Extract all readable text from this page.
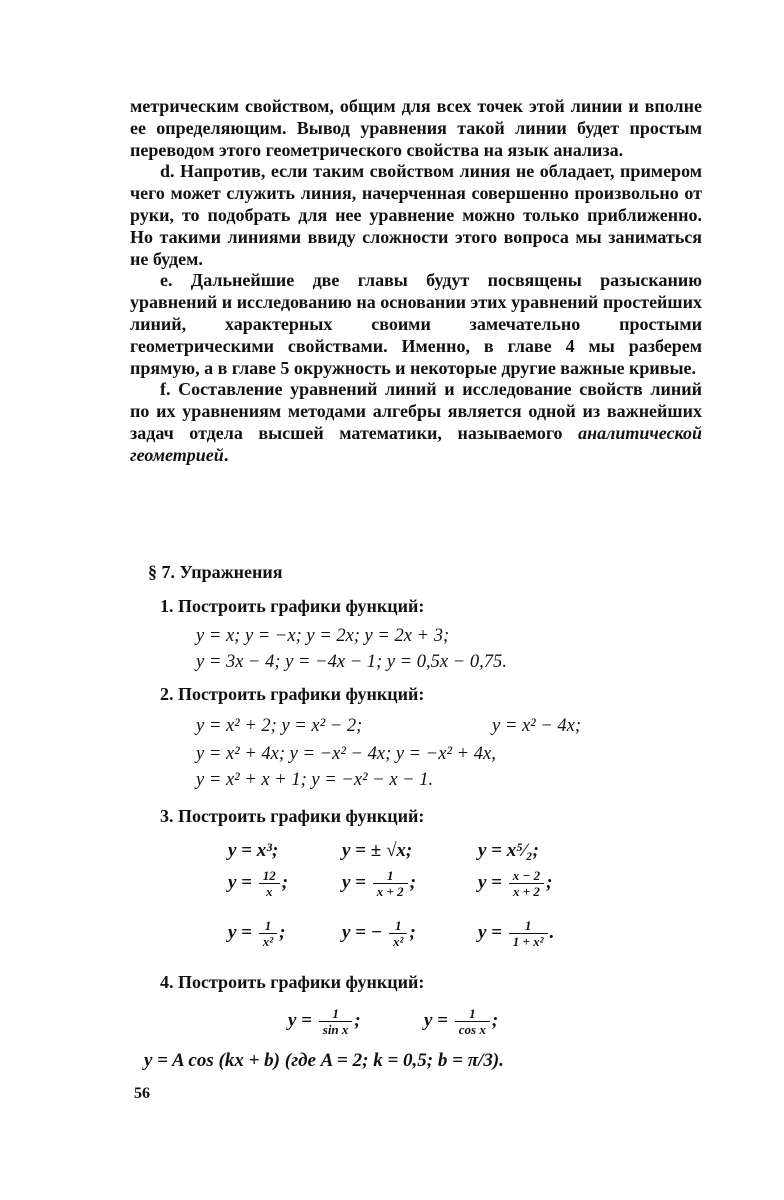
метрическим свойством, общим для всех точек этой линии и вполне ее определяющим. Вывод уравнения такой линии будет простым переводом этого геометрического свойства на язык анализа.

d. Напротив, если таким свойством линия не обладает, примером чего может служить линия, начерченная совершенно произвольно от руки, то подобрать для нее уравнение можно только приближенно. Но такими линиями ввиду сложности этого вопроса мы заниматься не будем.

e. Дальнейшие две главы будут посвящены разысканию уравнений и исследованию на основании этих уравнений простейших линий, характерных своими замечательно простыми геометрическими свойствами. Именно, в главе 4 мы разберем прямую, а в главе 5 окружность и некоторые другие важные кривые.

f. Составление уравнений линий и исследование свойств линий по их уравнениям методами алгебры является одной из важнейших задач отдела высшей математики, называемого аналитической геометрией.

§ 7. Упражнения
1. Построить графики функций:
y = x; y = −x; y = 2x; y = 2x + 3;
y = 3x − 4; y = −4x − 1; y = 0,5x − 0,75.
2. Построить графики функций:
y = x² + 2; y = x² − 2;	y = x² − 4x;
y = x² + 4x; y = −x² − 4x; y = −x² + 4x,
y = x² + x + 1; y = −x² − x − 1.
3. Построить графики функций:
y = x³;	y = ± √x;	y = x⁵⁄₂;
$y = \frac{12}{x}$ ;	$y = \frac{1}{x + 2}$ ;	$y = \frac{x - 2}{x + 2}$ ;
$y = \frac{1}{\text{x²}}$ ;	y = − $\frac{1}{\text{x²}}$ ;	$y = \frac{1}{\text{1 + x²}}$ .
4. Построить графики функций:
$y = \frac{1}{\text{sin x}}$ ;	$y = \frac{1}{\text{cos x}}$ ;
y = A cos (kx + b) (где A = 2; k = 0,5; b = π/3).
56
